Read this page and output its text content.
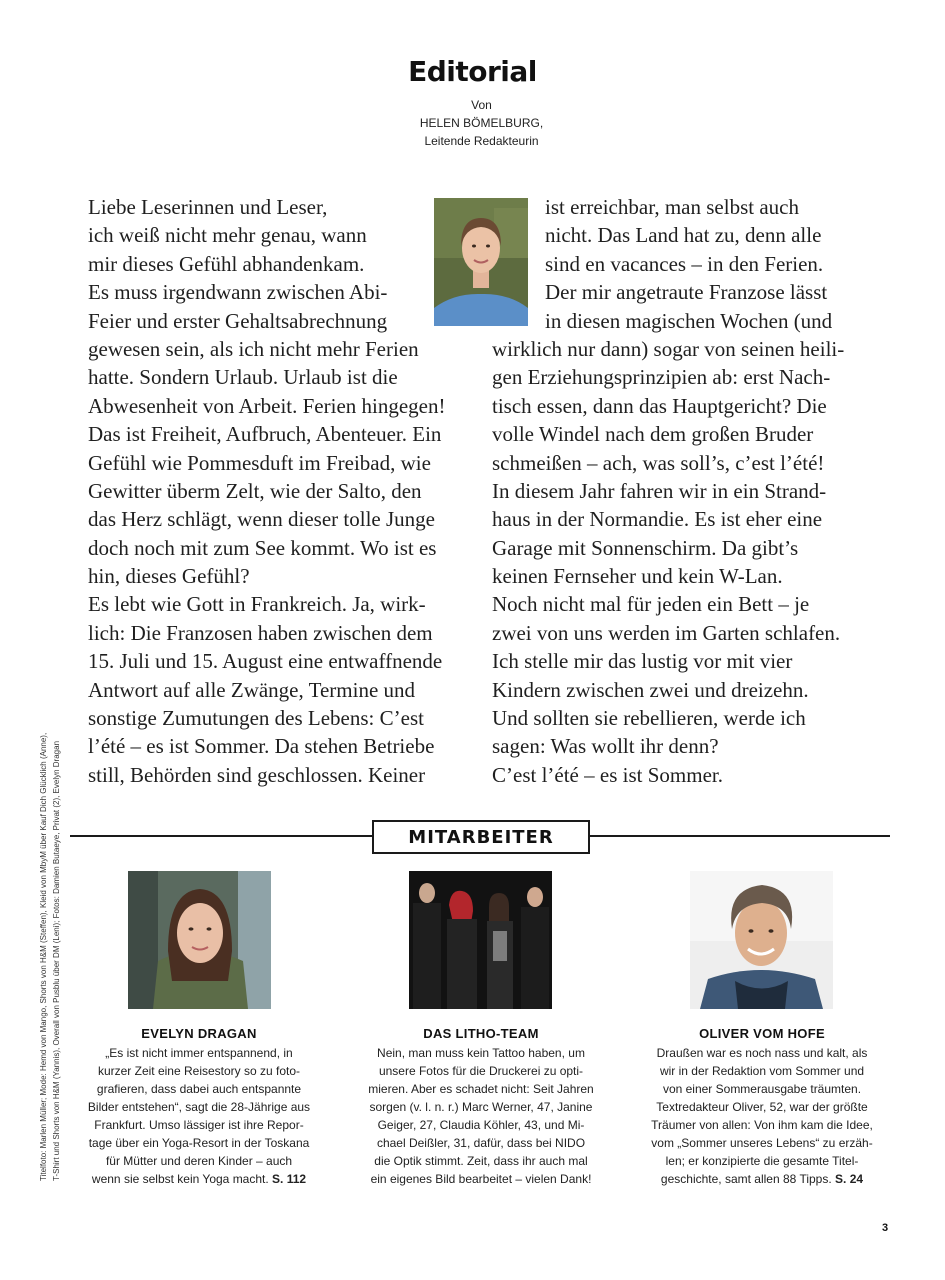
Editorial
Von
HELEN BÖMELBURG,
Leitende Redakteurin
Liebe Leserinnen und Leser,
ich weiß nicht mehr genau, wann
mir dieses Gefühl abhandenkam.
Es muss irgendwann zwischen Abi-
Feier und erster Gehaltsabrechnung
gewesen sein, als ich nicht mehr Ferien
hatte. Sondern Urlaub. Urlaub ist die
Abwesenheit von Arbeit. Ferien hingegen!
Das ist Freiheit, Aufbruch, Abenteuer. Ein
Gefühl wie Pommesduft im Freibad, wie
Gewitter überm Zelt, wie der Salto, den
das Herz schlägt, wenn dieser tolle Junge
doch noch mit zum See kommt. Wo ist es
hin, dieses Gefühl?
Es lebt wie Gott in Frankreich. Ja, wirk-
lich: Die Franzosen haben zwischen dem
15. Juli und 15. August eine entwaffnende
Antwort auf alle Zwänge, Termine und
sonstige Zumutungen des Lebens: C’est
l’été – es ist Sommer. Da stehen Betriebe
still, Behörden sind geschlossen. Keiner
ist erreichbar, man selbst auch
nicht. Das Land hat zu, denn alle
sind en vacances – in den Ferien.
Der mir angetraute Franzose lässt
in diesen magischen Wochen (und
wirklich nur dann) sogar von seinen heili-
gen Erziehungsprinzipien ab: erst Nach-
tisch essen, dann das Hauptgericht? Die
volle Windel nach dem großen Bruder
schmeißen – ach, was soll’s, c’est l’été!
In diesem Jahr fahren wir in ein Strand-
haus in der Normandie. Es ist eher eine
Garage mit Sonnenschirm. Da gibt’s
keinen Fernseher und kein W-Lan.
Noch nicht mal für jeden ein Bett – je
zwei von uns werden im Garten schlafen.
Ich stelle mir das lustig vor mit vier
Kindern zwischen zwei und dreizehn.
Und sollten sie rebellieren, werde ich
sagen: Was wollt ihr denn?
C’est l’été – es ist Sommer.
MITARBEITER
EVELYN DRAGAN
„Es ist nicht immer entspannend, in
kurzer Zeit eine Reisestory so zu foto-
grafieren, dass dabei auch entspannte
Bilder entstehen“, sagt die 28-Jährige aus
Frankfurt. Umso lässiger ist ihre Repor-
tage über ein Yoga-Resort in der Toskana
für Mütter und deren Kinder – auch
wenn sie selbst kein Yoga macht. S. 112
DAS LITHO-TEAM
Nein, man muss kein Tattoo haben, um
unsere Fotos für die Druckerei zu opti-
mieren. Aber es schadet nicht: Seit Jahren
sorgen (v. l. n. r.) Marc Werner, 47, Janine
Geiger, 27, Claudia Köhler, 43, und Mi-
chael Deißler, 31, dafür, dass bei NIDO
die Optik stimmt. Zeit, dass ihr auch mal
ein eigenes Bild bearbeitet – vielen Dank!
OLIVER VOM HOFE
Draußen war es noch nass und kalt, als
wir in der Redaktion vom Sommer und
von einer Sommerausgabe träumten.
Textredakteur Oliver, 52, war der größte
Träumer von allen: Von ihm kam die Idee,
vom „Sommer unseres Lebens“ zu erzäh-
len; er konzipierte die gesamte Titel-
geschichte, samt allen 88 Tipps. S. 24
Titelfoto: Marlen Müller; Mode: Hemd von Mango, Shorts von H&M (Steffen), Kleid von MbyM über Kauf Dich Glücklich (Anne), T-Shirt und Shorts von H&M (Yannis), Overall von Pusblu über DM (Leni); Fotos: Damien Butaeye, Privat (2), Evelyn Dragan
3
